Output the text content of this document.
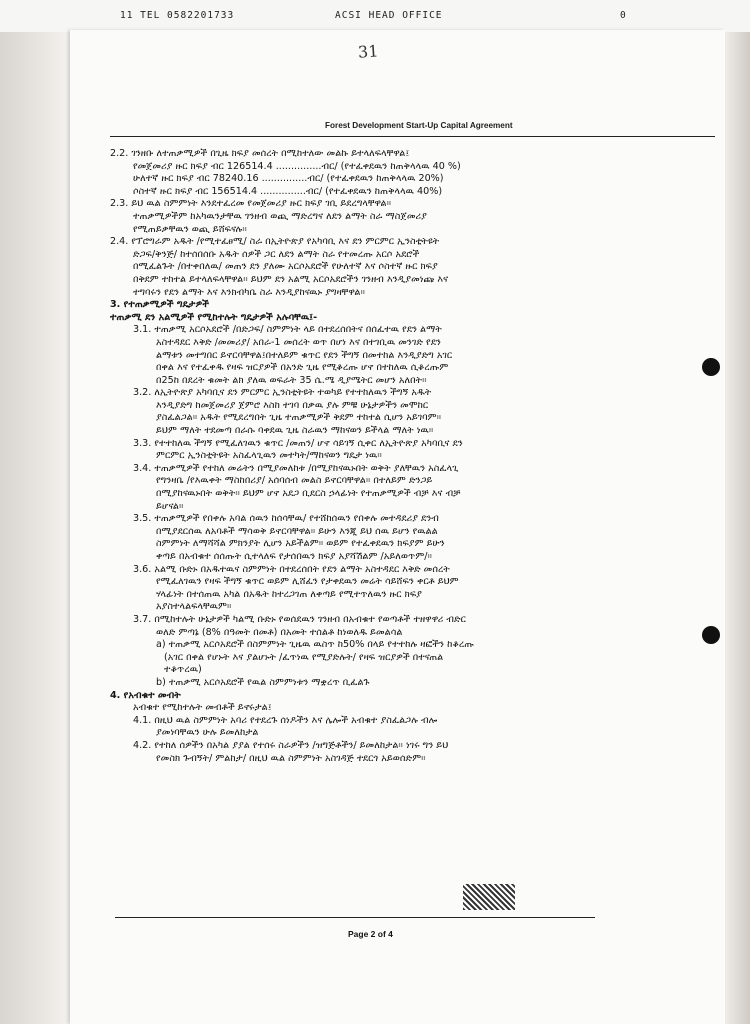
11 TEL 0582201733	ACSI HEAD OFFICE	0
31
Forest Development Start-Up Capital Agreement
2.2. ገንዘቡ ለተጠቃሚዎች በጊዜ ክፍያ መሰረት በሚከተለው መልኩ ይተላለፍላቸዋል፤
የመጀመሪያ ዙር ክፍያ ብር 126514.4 ...............ብር/ (የተፈቀደዉን ከጠቅላላዉ 40 %)
ሁለተኛ ዙር ክፍያ ብር 78240.16 ...............ብር/ (የተፈቀደዉን ከጠቅላላዉ 20%)
ሶስተኛ ዙር ክፍያ ብር 156514.4 ...............ብር/ (የተፈቀደዉን ከጠቅላላዉ 40%)
2.3. ይህ ዉል ስምምነት እንደተፈረመ የመጀመሪያ ዙር ክፍያ ገቢ ይደረግላቸዋል።
ተጠቃሚዎችም ከአካዉንታቸዉ ገንዘብ ወጪ ማድረግና ለደን ልማት ስራ ማስጀመሪያ
የሚጠይቃቸዉን ወጪ ይሸፍናሉ።
2.4. የፕሮግራም አዱት /የሚተፈፀሚ/ ስራ በኢትዮጵያ የአካባቢ እና ደን ምርምር ኢንስቲትዩት
ድጋፍ/ቅንጅ/ ከተሰበሰቡ አዱት ሰዎች ጋር ለደን ልማት ስራ የተመረጡ አርሶ አደሮች
በሚፈልጉት /በተቀበለዉ/ መጠን ደን ያለሙ አርሶአደሮች የሁለተኛ እና ሶስተኛ ዙር ክፍያ
በቅደም ተከተል ይተላለፍላቸዋል። ይህም ደን አልሚ አርሶአደሮችን ገንዘብ እንዲያመነጩ እና
ተግባሩን የደን ልማት እና እንክብካቤ ስራ እንዲያከናዉኑ ያግዛቸዋል።
3. የተጠቃሚዎች ግዴታዎች
ተጠቃሚ ደን አልሚዎች የሚከተሉት ግዴታዎች አሉባቸዉ፤-
3.1. ተጠቃሚ አርሶአደሮች /በድጋፍ/ ስምምነት ላይ በተደረሰበትና በሰፈተዉ የደን ልማት
አስተዳደር እቅድ /መመሪያ/ አበራ-1 መሰረት ወጥ በሆነ እና በተገቢዉ መንገድ የደን
ልማቱን መተግበር ይኖርባቸዋል፤በተለይም ቁጥር የደን ችግኝ በመተከል እንዲያድግ አገር
በቀል እና የተፈቀዱ የዛፍ ዝርያዎች በአንድ ጊዜ የሚቆረጡ ሆኖ በተከለዉ ሲቆረጡም
በ25ከ በደረት ቁመት ልክ ያለዉ ወፍራት 35 ሴ.ሜ ዲያሜትር መሆን አለበት።
3.2. ለኢትዮጵያ አካባቢና ደን ምርምር ኢንስቲትዩት ተወካይ የተተከለዉን ችግኝ አዱት
እንዲያድግ ከመጀመሪያ ጀምሮ እስከ ተገባ በቃዉ ያሉ ምቹ ሁኔታዎችን መሞከር
ያስፈልጋል። አዱት የሚደረግበት ጊዜ ተጠቃሚዎች ቅደም ተከተል ሲሆን አይገባም።
ይህም ማለት ተደመጣ በራሱ ባቀደዉ ጊዜ ስራዉን ማከናወን ይችላል ማለት ነዉ።
3.3. የተተከለዉ ችግኝ የሚፈለገዉን ቁጥር /መጠን/ ሆኖ ሳይገኝ ሲቀር ለኢትዮጵያ አካባቢና ደን
ምርምር ኢንስቲትዩት አስፈላጊዉን መተካት/ማከናወን ግዴታ ነዉ።
3.4. ተጠቃሚዎች የተከለ መሬትን በሚያመለከቱ /በሚያከናዉኑበት ወቅት ያለቸዉን አስፈላጊ
የግንዛቤ /የእዉቀት ማስከበሪያ/ አሰባሰብ መልስ ይኖርባቸዋል። በተለይም ድንጋይ
በሚያከናዉኑበት ወቅት። ይህም ሆኖ አደጋ ቢደርስ ኃላፊነት የተጠቃሚዎች ብቻ እና ብቻ
ይሆናል።
3.5. ተጠቃሚዎች የበቀሉ አባል ሰዉን ከሰሳቸዉ/ የተሸከሰዉን የበቀሉ መተዳደሪያ ደንብ
በሚያደርሰዉ ለአባቶች ማሳወቅ ይኖርባቸዋል። ይሁን እንጂ ይህ ሰዉ ይሆን የዉልል
ስምምነት ለማሻሻል ምክንያት ሊሆን አይችልም። ወይም የተፈቀደዉን ክፍያም ይሁን
ቀጣይ በአብቁተ ሰሰጡት ሲተላለፍ የታሰበዉን ክፍያ አያሻሽልም /አይለወጥም/።
3.6. አልሚ ቡድኑ በአዱተዉና ስምምነት በተደረሰበት የደን ልማት አስተዳደር እቅድ መሰረት
የሚፈለገዉን የዛፍ ችግኝ ቁጥር ወይም ሊሸፈን የታቀደዉን መሬት ሳይሸፍን ቀርቶ ይህም
ሃላፊነት በተሰጠዉ አካል በአዱት ከተረጋገጠ ለቀጣይ የሚተጥለዉን ዙር ክፍያ
አያስተላልፍላቸዉም።
3.7. በሚከተሉት ሁኔታዎች ካልሚ ቡድኑ የወሰደዉን ገንዘብ በአብቁተ የወጣቶች ተዘዋዋሪ ብድር
ወለድ ምጣኔ (8% በዓመት በመቶ) በአመት ተሰልቶ ከነወለዱ ይመልሳል
a) ተጠቃሚ አርሶአደሮች በስምምነት ጊዜዉ ዉስጥ ከ50% በላይ የተተከሉ ዛፎችን ከቆረጡ
(አገር በቀል የሆኑት እና ያልሆኑት /ፈጥነዉ የሚያድሉት/ የዛፍ ዝርያዎች በተናጠል
ተቆጥረዉ)
b) ተጠቃሚ አርሶአደሮች የዉል ስምምነቱን ማቋረጥ ቢፈልጉ
4. የአብቁተ መብት
አብቁተ የሚከተሉት መብቶች ይኖሩታል፤
4.1. በዚህ ዉል ስምምነት አባሪ የተደረጉ ሰነዶችን እና ሌሎች አብቁተ ያስፈልጋሉ ብሎ
ያመነባቸዉን ሁሉ ይመለከታል
4.2. የተከለ ሰዎችን በአካል ያያል የተሰሩ ስራዎችን /ዝግጅቶችን/ ይመለከታል። ነገሩ ግን ይህ
የመስክ ጉብኝት/ ምልከታ/ በዚህ ዉል ስምምነት አስገዳጅ ተደርጎ አይወሰድም።
Page 2 of 4
